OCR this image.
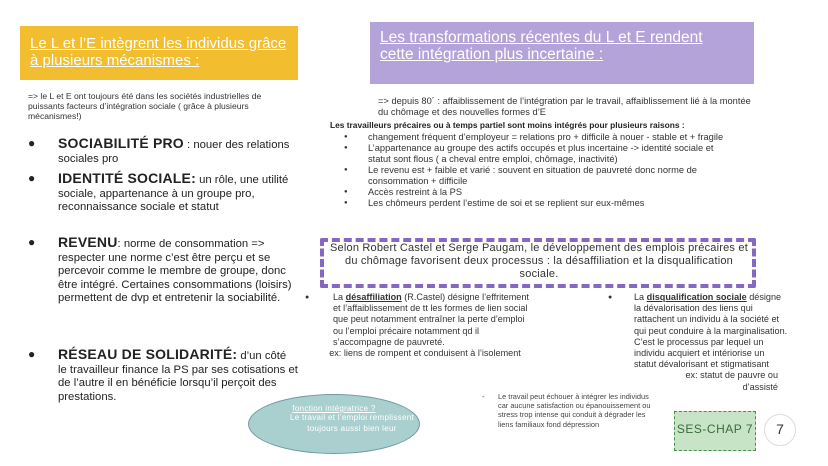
Le L et l’E intègrent les individus grâce à plusieurs mécanismes :
Les transformations récentes du L et E rendent cette intégration plus incertaine :
=> le L et E ont toujours été dans les sociétés industrielles de puissants facteurs d’intégration sociale ( grâce à plusieurs mécanismes!)
● SOCIABILITÉ PRO : nouer des relations sociales pro
● IDENTITÉ SOCIALE: un rôle, une utilité sociale, appartenance à un groupe pro, reconnaissance sociale et statut
● REVENU: norme de consommation => respecter une norme c’est être perçu et se percevoir comme le membre de groupe, donc être intégré. Certaines consommations (loisirs) permettent de dvp et entretenir la sociabilité.
● RÉSEAU DE SOLIDARITÉ: d’un côté le travailleur finance la PS par ses cotisations et de l’autre il en bénéficie lorsqu’il perçoit des prestations.
=> depuis 80´ : affaiblissement de l’intégration par le travail, affaiblissement lié à la montée du chômage et des nouvelles formes d’E
Les travailleurs précaires ou à temps partiel sont moins intégrés pour plusieurs raisons :

● changement fréquent d’employeur = relations pro + difficile à nouer - stable et + fragile

● L’appartenance au groupe des actifs occupés et plus incertaine -> identité sociale et statut sont flous ( a cheval entre emploi, chômage, inactivité)

● Le revenu est + faible et varié : souvent en situation de pauvreté donc norme de consommation + difficile

● Accès restreint à la PS

● Les chômeurs perdent l’estime de soi et se replient sur eux-mêmes

Selon Robert Castel et Serge Paugam, le développement des emplois précaires et du chômage favorisent deux processus : la désaffiliation et la disqualification sociale.
●	La désaffiliation (R.Castel) désigne l’effritement et l’affaiblissement de tt les formes de lien social que peut notamment entraîner la perte d’emploi ou l’emploi précaire notamment qd il s’accompagne de pauvreté.
ex: liens de rompent et conduisent à l’isolement
● La disqualification sociale désigne la dévalorisation des liens qui rattachent un individu à la société et qui peut conduire à la marginalisation. C’est le processus par lequel un individu acquiert et intériorise un statut dévalorisant et stigmatisant
ex: statut de pauvre ou d’assisté
Le travail et l’emploi remplissent toujours aussi bien leur
fonction intégratrice ?
- Le travail peut échouer à intégrer les individus car aucune satisfaction ou épanouissement ou stress trop intense qui conduit à dégrader les liens familiaux fond dépression	SES-CHAP 7	7
